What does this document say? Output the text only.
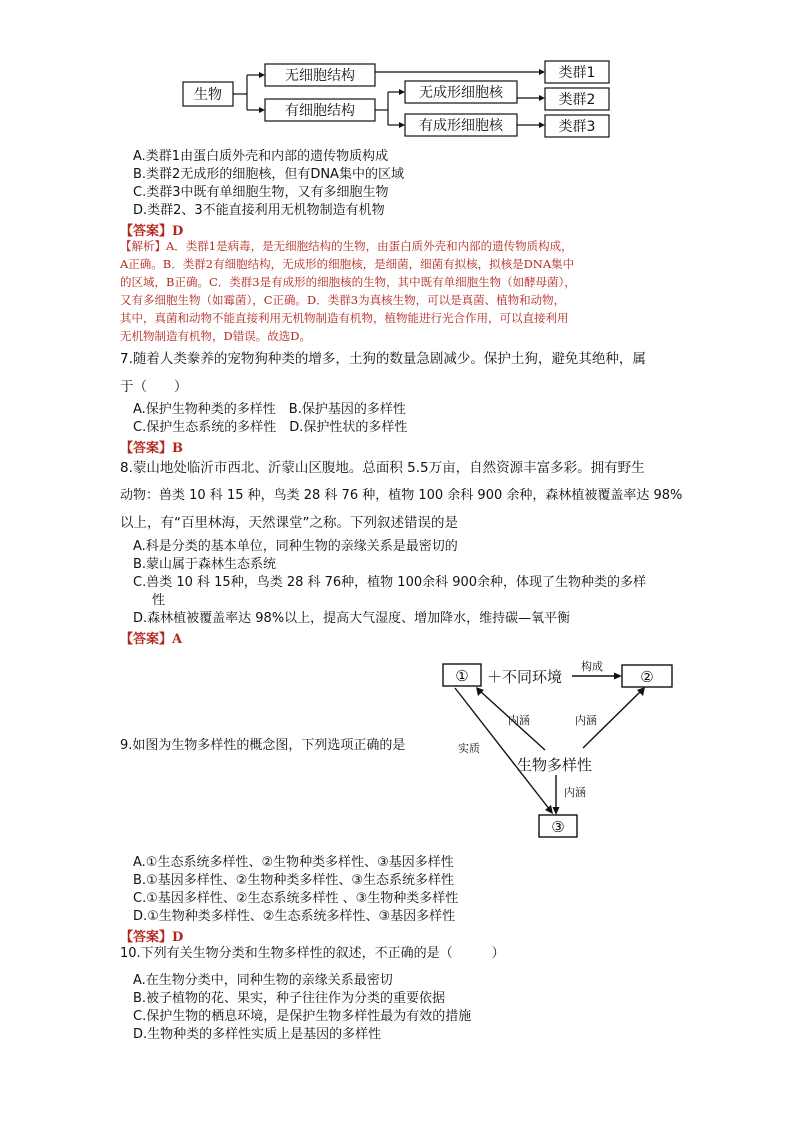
生物
无细胞结构
有细胞结构
无成形细胞核
有成形细胞核
类群1
类群2
类群3
A.类群1由蛋白质外壳和内部的遗传物质构成
B.类群2无成形的细胞核，但有DNA集中的区域
C.类群3中既有单细胞生物，又有多细胞生物
D.类群2、3不能直接利用无机物制造有机物
【答案】D
【解析】A．类群1是病毒，是无细胞结构的生物，由蛋白质外壳和内部的遗传物质构成，
A正确。B．类群2有细胞结构，无成形的细胞核，是细菌，细菌有拟核，拟核是DNA集中
的区域，B正确。C．类群3是有成形的细胞核的生物，其中既有单细胞生物（如酵母菌），
又有多细胞生物（如霉菌），C正确。D．类群3为真核生物，可以是真菌、植物和动物，
其中，真菌和动物不能直接利用无机物制造有机物，植物能进行光合作用，可以直接利用
无机物制造有机物，D错误。故选D。
7.随着人类豢养的宠物狗种类的增多，土狗的数量急剧减少。保护土狗，避免其绝种，属
于（　　）
A.保护生物种类的多样性　B.保护基因的多样性
C.保护生态系统的多样性　D.保护性状的多样性
【答案】B
8.蒙山地处临沂市西北、沂蒙山区腹地。总面积 5.5万亩，自然资源丰富多彩。拥有野生
动物：兽类 10 科 15 种，鸟类 28 科 76 种，植物 100 余科 900 余种，森林植被覆盖率达 98%
以上，有“百里林海，天然课堂”之称。下列叙述错误的是
A.科是分类的基本单位，同种生物的亲缘关系是最密切的
B.蒙山属于森林生态系统
C.兽类 10 科 15种，鸟类 28 科 76种，植物 100余科 900余种，体现了生物种类的多样
性
D.森林植被覆盖率达 98%以上，提高大气湿度、增加降水，维持碳—氧平衡
【答案】A
9.如图为生物多样性的概念图，下列选项正确的是
①	②
③
＋不同环境
构成
内涵	内涵
实质
生物多样性
内涵
A.①生态系统多样性、②生物种类多样性、③基因多样性
B.①基因多样性、②生物种类多样性、③生态系统多样性
C.①基因多样性、②生态系统多样性 、③生物种类多样性
D.①生物种类多样性、②生态系统多样性、③基因多样性
【答案】D
10.下列有关生物分类和生物多样性的叙述，不正确的是（　　　）
A.在生物分类中，同种生物的亲缘关系最密切
B.被子植物的花、果实，种子往往作为分类的重要依据
C.保护生物的栖息环境，是保护生物多样性最为有效的措施
D.生物种类的多样性实质上是基因的多样性
